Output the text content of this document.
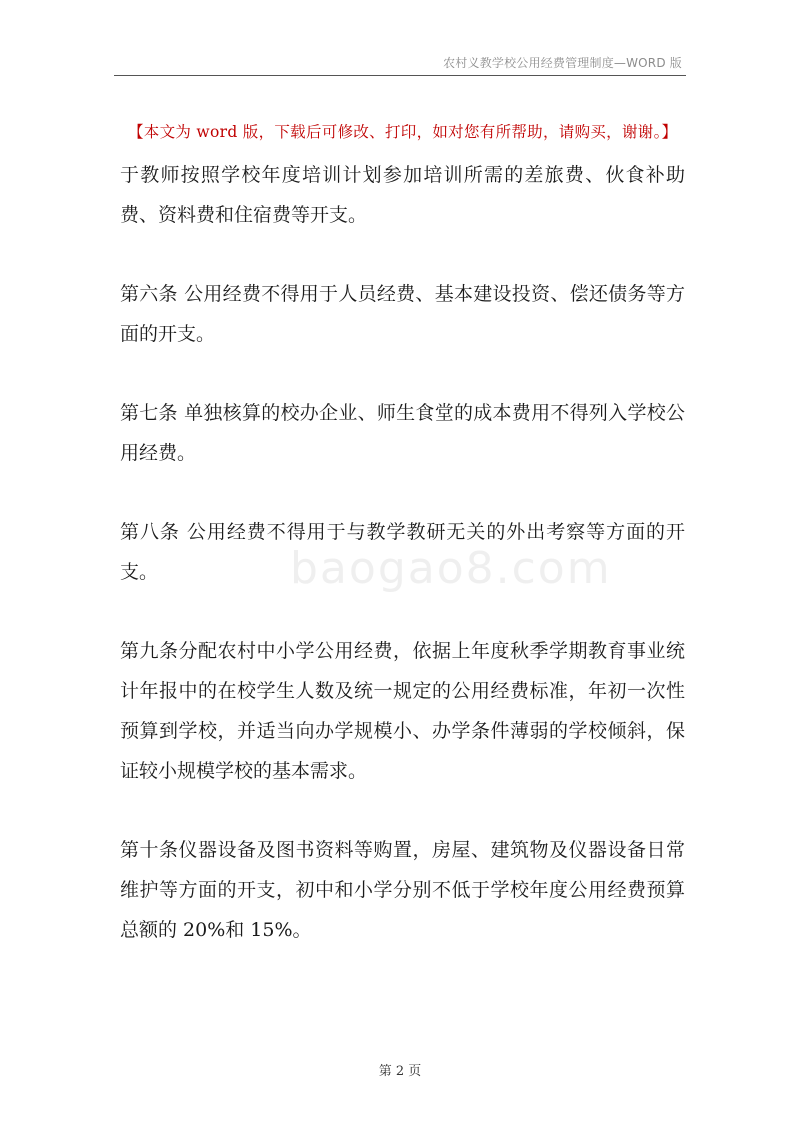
农村义教学校公用经费管理制度—WORD 版
【本文为 word 版，下载后可修改、打印，如对您有所帮助，请购买，谢谢。】
baogao8.com

于教师按照学校年度培训计划参加培训所需的差旅费、伙食补助费、资料费和住宿费等开支。

第六条 公用经费不得用于人员经费、基本建设投资、偿还债务等方面的开支。

第七条 单独核算的校办企业、师生食堂的成本费用不得列入学校公用经费。

第八条 公用经费不得用于与教学教研无关的外出考察等方面的开支。

第九条分配农村中小学公用经费，依据上年度秋季学期教育事业统计年报中的在校学生人数及统一规定的公用经费标准，年初一次性预算到学校，并适当向办学规模小、办学条件薄弱的学校倾斜，保证较小规模学校的基本需求。

第十条仪器设备及图书资料等购置，房屋、建筑物及仪器设备日常维护等方面的开支，初中和小学分别不低于学校年度公用经费预算总额的 20%和 15%。

第 2 页
